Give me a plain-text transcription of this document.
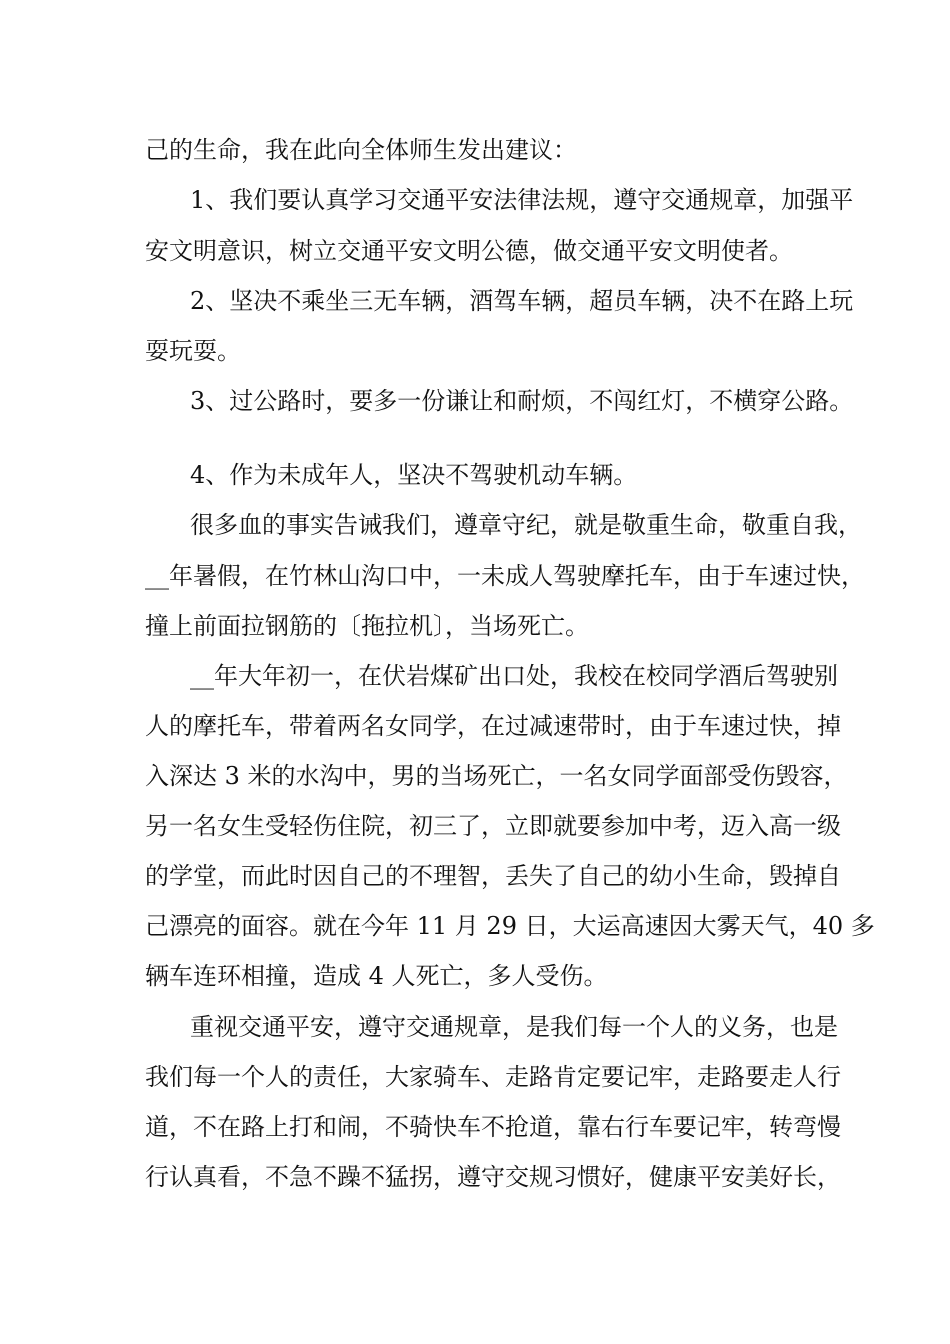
己的生命，我在此向全体师生发出建议：
1、我们要认真学习交通平安法律法规，遵守交通规章，加强平
安文明意识，树立交通平安文明公德，做交通平安文明使者。
2、坚决不乘坐三无车辆，酒驾车辆，超员车辆，决不在路上玩
耍玩耍。
3、过公路时，要多一份谦让和耐烦，不闯红灯，不横穿公路。
4、作为未成年人，坚决不驾驶机动车辆。
很多血的事实告诫我们，遵章守纪，就是敬重生命，敬重自我，
__年暑假，在竹林山沟口中，一未成人驾驶摩托车，由于车速过快，
撞上前面拉钢筋的〔拖拉机〕，当场死亡。
__年大年初一，在伏岩煤矿出口处，我校在校同学酒后驾驶别
人的摩托车，带着两名女同学，在过减速带时，由于车速过快，掉
入深达 3 米的水沟中，男的当场死亡，一名女同学面部受伤毁容，
另一名女生受轻伤住院，初三了，立即就要参加中考，迈入高一级
的学堂，而此时因自己的不理智，丢失了自己的幼小生命，毁掉自
己漂亮的面容。就在今年 11 月 29 日，大运高速因大雾天气，40 多
辆车连环相撞，造成 4 人死亡，多人受伤。
重视交通平安，遵守交通规章，是我们每一个人的义务，也是
我们每一个人的责任，大家骑车、走路肯定要记牢，走路要走人行
道，不在路上打和闹，不骑快车不抢道，靠右行车要记牢，转弯慢
行认真看，不急不躁不猛拐，遵守交规习惯好，健康平安美好长，
